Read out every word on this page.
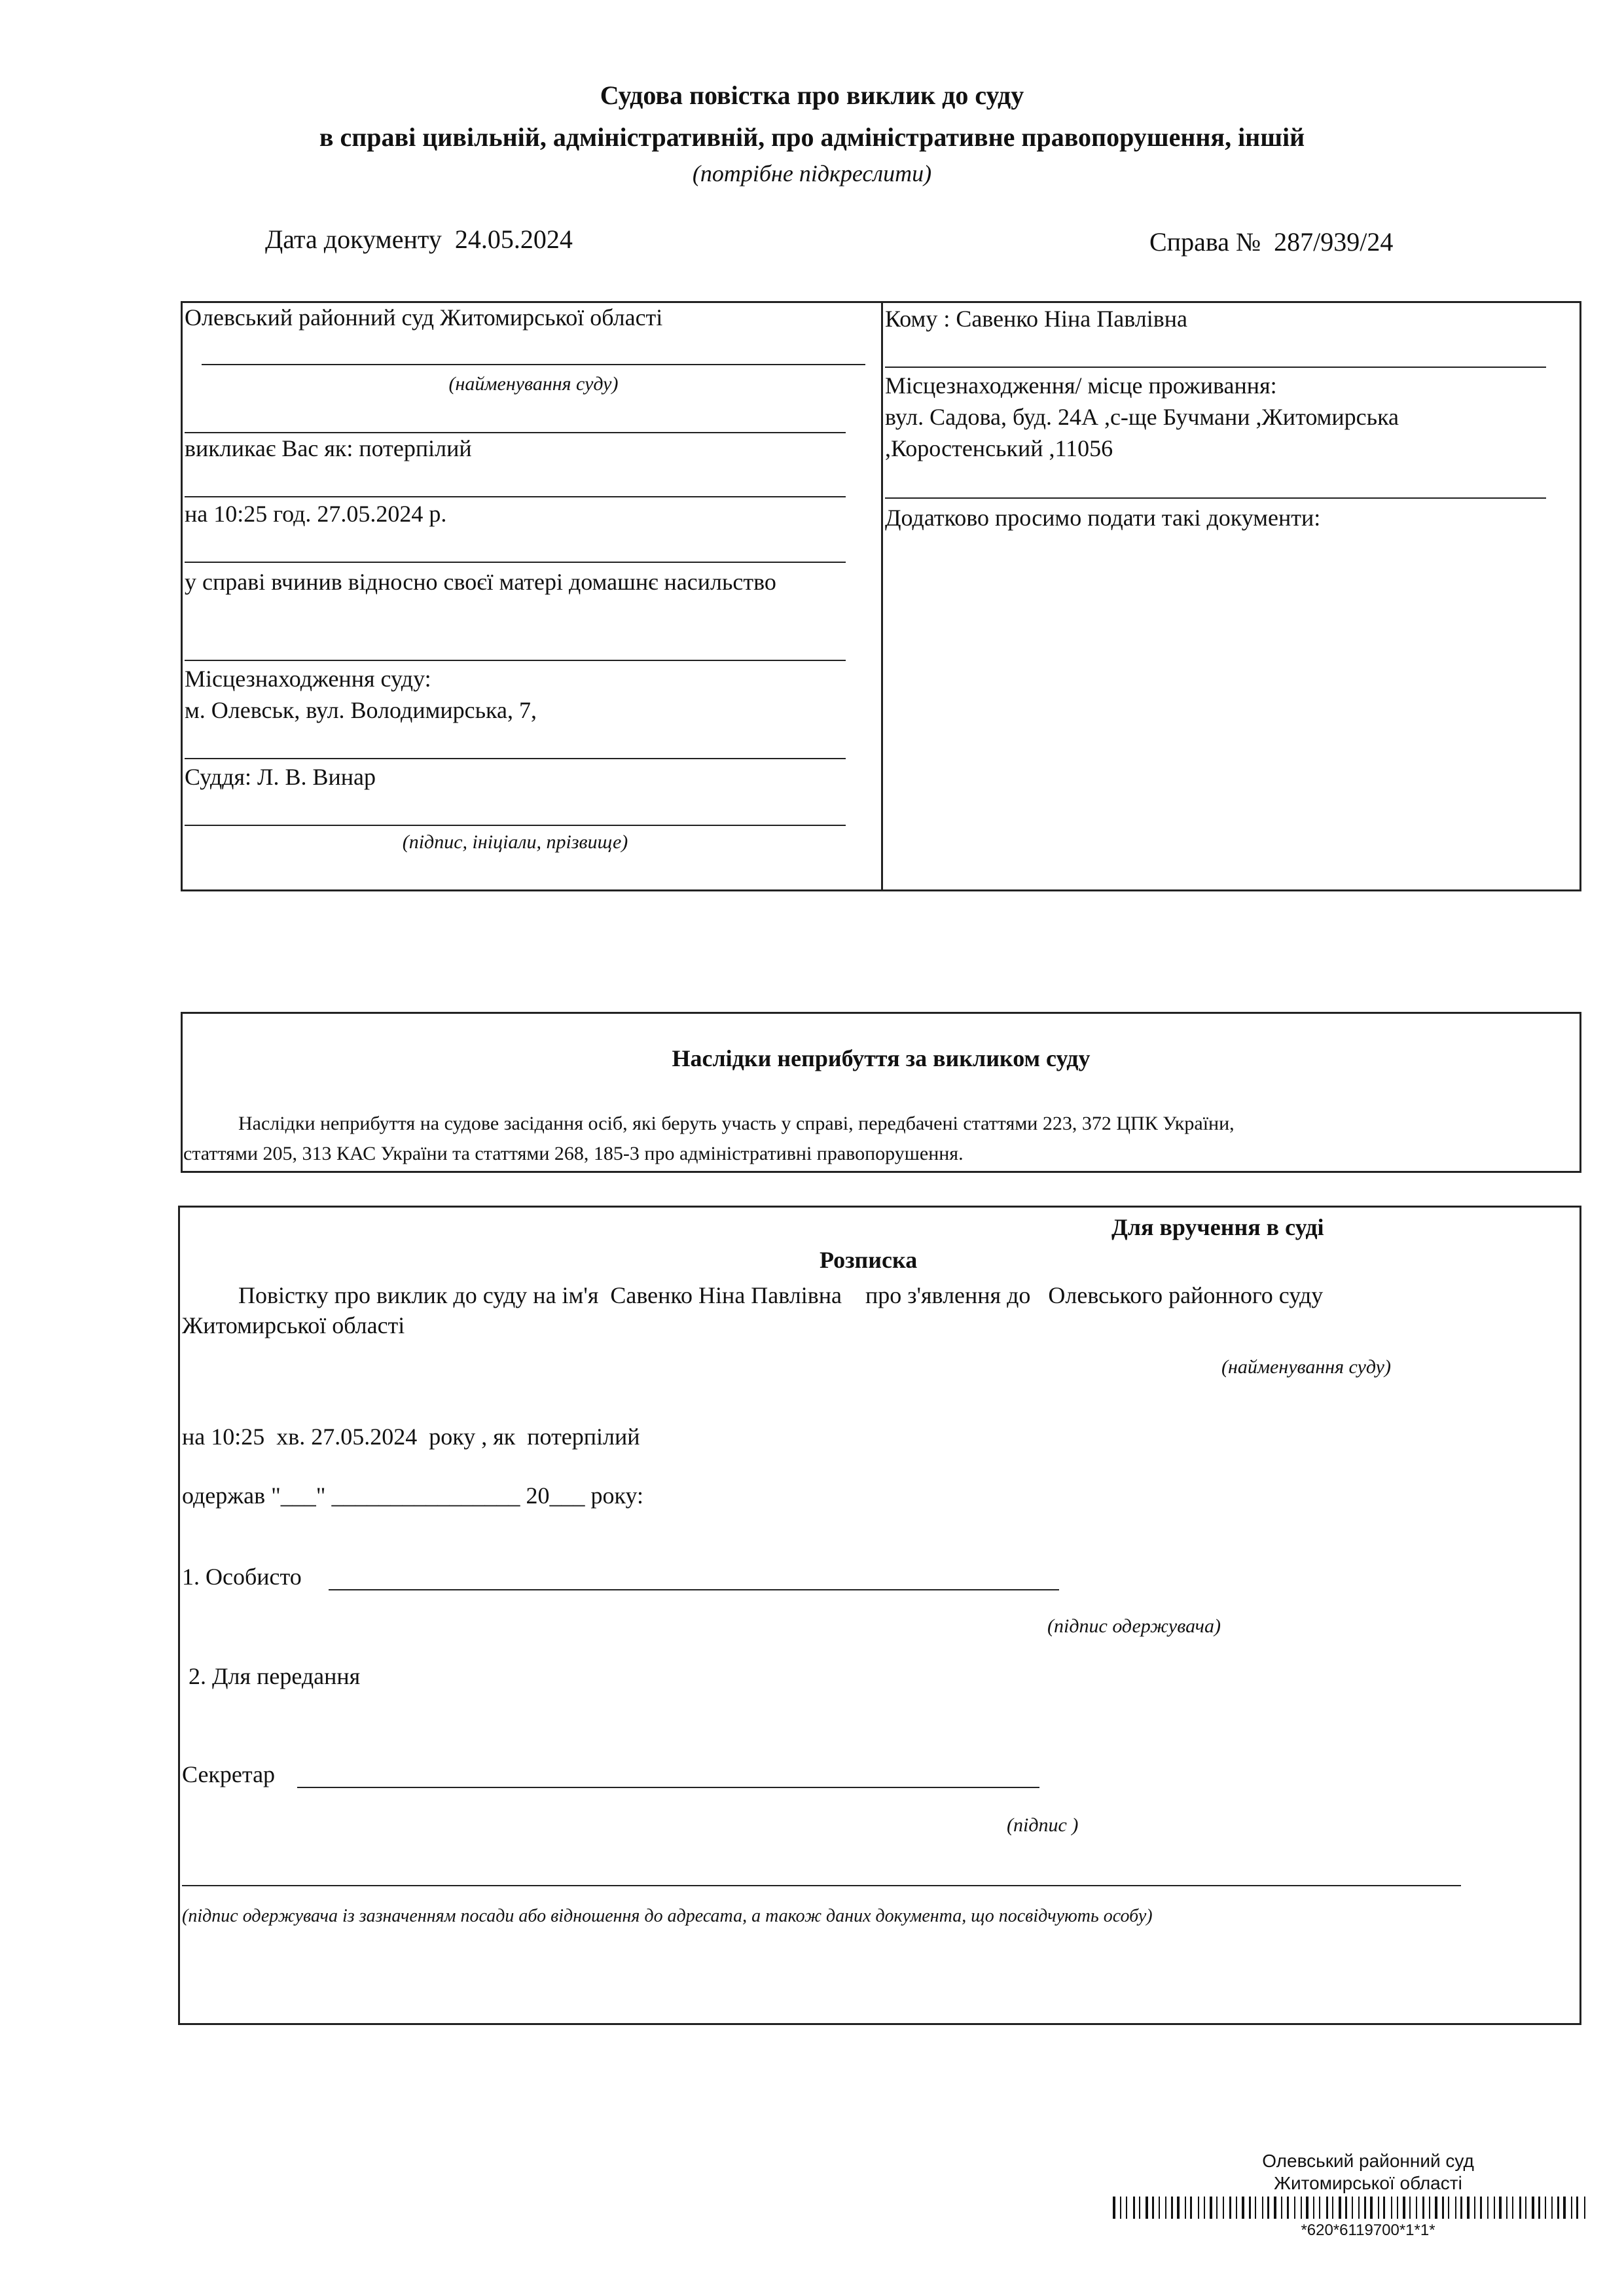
Судова повістка про виклик до суду
в справі цивільній, адміністративній, про адміністративне правопорушення, іншій
(потрібне підкреслити)
Дата документу 24.05.2024	Справа № 287/939/24
Олевський районний суд Житомирської області
(найменування суду)
викликає Вас як: потерпілий
на 10:25 год. 27.05.2024 р.
у справі вчинив відносно своєї матері домашнє насильство
Місцезнаходження суду:
м. Олевськ, вул. Володимирська, 7,
Суддя: Л. В. Винар
(підпис, ініціали, прізвище)
Кому : Савенко Ніна Павлівна
Місцезнаходження/ місце проживання:
вул. Садова, буд. 24А ,с-ще Бучмани ,Житомирська
,Коростенський ,11056
Додатково просимо подати такі документи:
Наслідки неприбуття за викликом суду
Наслідки неприбуття на судове засідання осіб, які беруть участь у справі, передбачені статтями 223, 372 ЦПК України,
статтями 205, 313 КАС України та статтями 268, 185-3 про адміністративні правопорушення.
Для вручення в суді
Розписка
Повістку про виклик до суду на ім'я  Савенко Ніна Павлівна    про з'явлення до   Олевського районного суду
Житомирської області
(найменування суду)
на 10:25  хв. 27.05.2024  року , як  потерпілий
одержав "___" ________________ 20___ року:
1. Особисто
(підпис одержувача)
2. Для передання
Секретар
(підпис )
(підпис одержувача із зазначенням посади або відношення до адресата, а також даних документа, що посвідчують особу)
Олевський районний суд
Житомирської області
*620*6119700*1*1*
